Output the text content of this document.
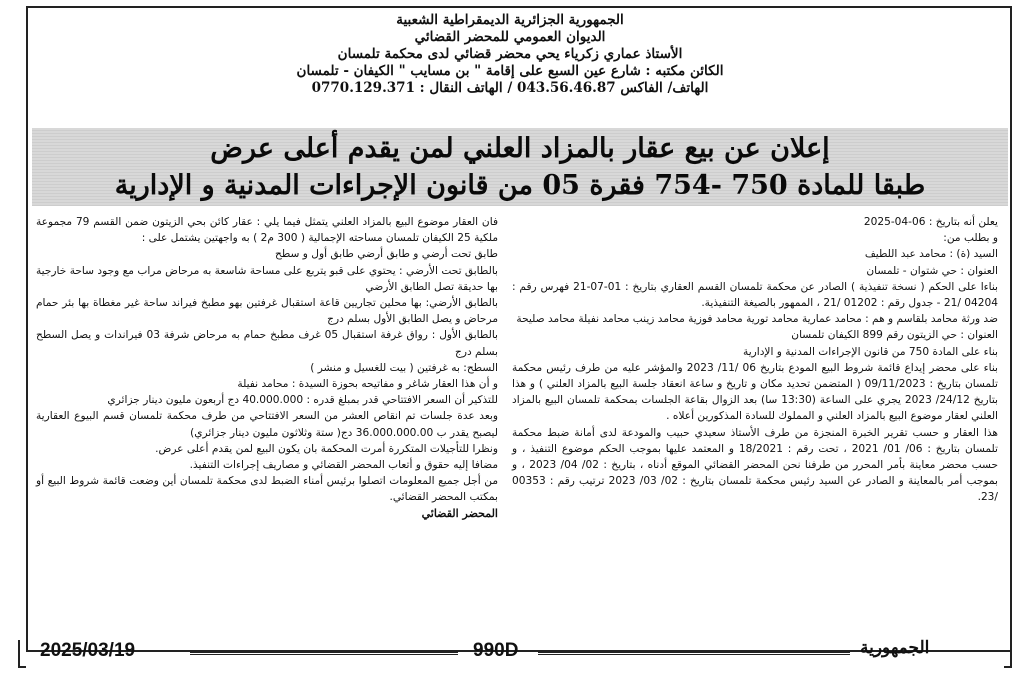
الجمهورية الجزائرية الديمقراطية الشعبية
الديوان العمومي للمحضر القضائي
الأستاذ عماري زكرياء يحي محضر قضائي لدى محكمة تلمسان
الكائن مكتبه : شارع عين السبع على إقامة " بن مسايب " الكيفان - تلمسان
الهاتف/ الفاكس 043.56.46.87 / الهاتف النقال : 0770.129.371
إعلان عن بيع عقار بالمزاد العلني لمن يقدم أعلى عرض
طبقا للمادة 750 -754 فقرة 05 من قانون الإجراءات المدنية و الإدارية

يعلن أنه بتاريخ : 06-04-2025

و بطلب من:

السيد (ة) : محامد عبد اللطيف

العنوان : حي شتوان - تلمسان

بناءا على الحكم ( نسخة تنفيذية ) الصادر عن محكمة تلمسان القسم العقاري بتاريخ : 01-07-21 فهرس رقم : 04204 /21 - جدول رقم : 01202 /21 ، الممهور بالصيغة التنفيذية.

ضد ورثة محامد بلقاسم و هم : محامد عمارية محامد تورية محامد فوزية محامد زينب محامد نفيلة محامد صليحة

العنوان : حي الزيتون رقم 899 الكيفان تلمسان

بناء على المادة 750 من قانون الإجراءات المدنية و الإدارية

بناء على محضر إيداع قائمة شروط البيع المودع بتاريخ 06 /11/ 2023 والمؤشر عليه من طرف رئيس محكمة تلمسان بتاريخ : 09/11/2023 ( المتضمن تحديد مكان و تاريخ و ساعة انعقاد جلسة البيع بالمزاد العلني ) و هذا بتاريخ 24/12/ 2023 يجري على الساعة (13:30 سا) بعد الزوال بقاعة الجلسات بمحكمة تلمسان البيع بالمزاد العلني لعقار موضوع البيع بالمزاد العلني و المملوك للسادة المذكورين أعلاه .

هذا العقار و حسب تقرير الخبرة المنجزة من طرف الأستاذ سعيدي حبيب والمودعة لدى أمانة ضبط محكمة تلمسان بتاريخ : 06/ 01/ 2021 ، تحت رقم : 18/2021 و المعتمد عليها بموجب الحكم موضوع التنفيذ ، و حسب محضر معاينة بأمر المحرر من طرفنا نحن المحضر القضائي الموقع أدناه ، بتاريخ : 02/ 04/ 2023 ، و بموجب أمر بالمعاينة و الصادر عن السيد رئيس محكمة تلمسان بتاريخ : 02/ 03/ 2023 ترتيب رقم : 00353 /23.

فان العقار موضوع البيع بالمزاد العلني يتمثل فيما يلي : عقار كائن بحي الزيتون ضمن القسم 79 مجموعة ملكية 25 الكيفان تلمسان مساحته الإجمالية ( 300 م2 ) به واجهتين يشتمل على :

طابق تحت أرضي و طابق أرضي طابق أول و سطح

بالطابق تحت الأرضي : يحتوي على قبو يتربع على مساحة شاسعة به مرحاض مراب مع وجود ساحة خارجية بها حديقة تصل الطابق الأرضي

بالطابق الأرضي: بها محلين تجاريين قاعة استقبال غرفتين بهو مطبخ فيراند ساحة غير مغطاة بها بئر حمام مرحاض و يصل الطابق الأول بسلم درج

بالطابق الأول : رواق غرفة استقبال 05 غرف مطبخ حمام به مرحاض شرفة 03 فيراندات و يصل السطح بسلم درج

السطح: به غرفتين ( بيت للغسيل و منشر )

و أن هذا العقار شاغر و مفاتيحه بحوزة السيدة : محامد نفيلة

للتذكير أن السعر الافتتاحي قدر بمبلغ قدره : 40.000.000 دج أربعون مليون دينار جزائري

وبعد عدة جلسات تم انقاص العشر من السعر الافتتاحي من طرف محكمة تلمسان قسم البيوع العقارية ليصبح يقدر ب 36.000.000.00 دج( ستة وثلاثون مليون دينار جزائري)

ونظرا للتأجيلات المتكررة أمرت المحكمة بان يكون البيع لمن يقدم أعلى عرض.

مضافا إليه حقوق و أتعاب المحضر القضائي و مصاريف إجراءات التنفيذ.

من أجل جميع المعلومات اتصلوا برئيس أمناء الضبط لدى محكمة تلمسان أين وضعت قائمة شروط البيع أو بمكتب المحضر القضائي.

المحضر القضائي

2025/03/19	990D	الجمهورية
